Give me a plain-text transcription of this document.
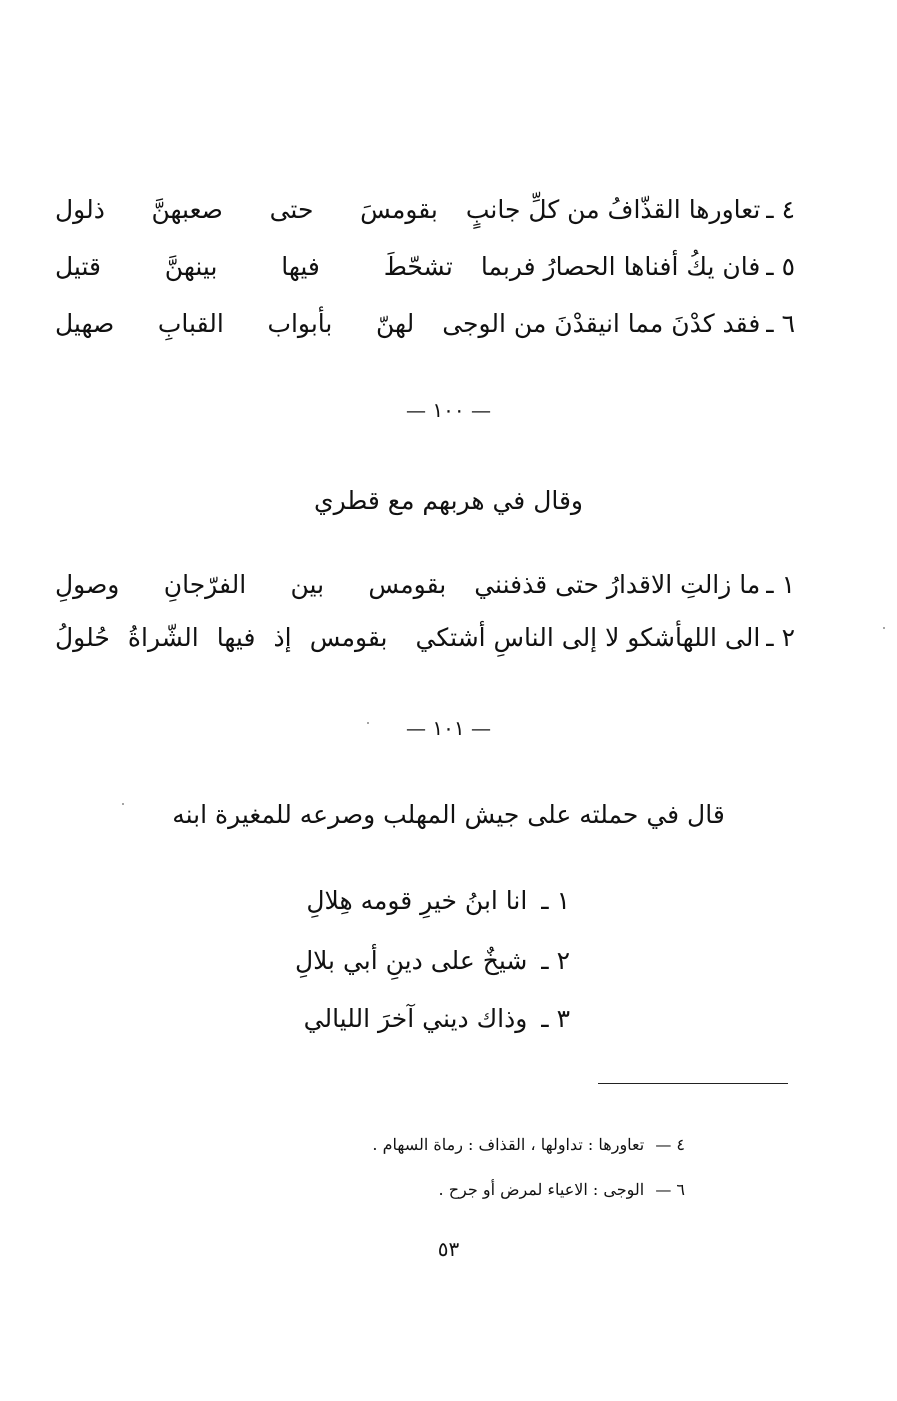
٤ ـ
تعاورها القذّافُ من كلِّ جانبٍ
بقومسَ حتى صعبهنَّ ذلول
٥ ـ
فان يكُ أفناها الحصارُ فربما
تشحّطَ فيها بينهنَّ قتيل
٦ ـ
فقد كدْنَ مما انيقدْنَ من الوجى
لهنّ بأبواب القبابِ صهيل
— ١٠٠ —
وقال في هربهم مع قطري
١ ـ
ما زالتِ الاقدارُ حتى قذفنني
بقومس بين الفرّجانِ وصولِ
٢ ـ
الى اللهأشكو لا إلى الناسِ أشتكي
بقومس إذ فيها الشّراةُ حُلولُ
— ١٠١ —
قال في حملته على جيش المهلب وصرعه للمغيرة ابنه
١ ـ انا ابنُ خيرِ قومه هِلالِ
٢ ـ شيخٌ على دينِ أبي بلالِ
٣ ـ وذاك ديني آخرَ الليالي
٤ — تعاورها : تداولها ، القذاف : رماة السهام .
٦ — الوجى : الاعياء لمرض أو جرح .
٥٣
